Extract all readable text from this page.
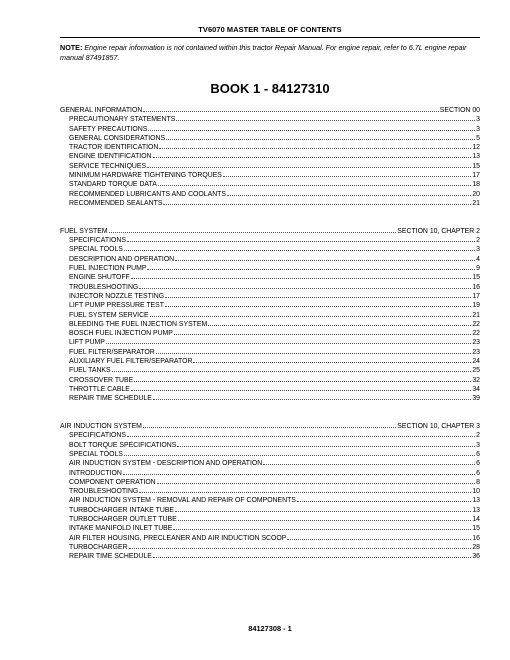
TV6070 MASTER TABLE OF CONTENTS
NOTE: Engine repair information is not contained within this tractor Repair Manual. For engine repair, refer to 6.7L engine repair manual 87491857.
BOOK 1 - 84127310
GENERAL INFORMATION	SECTION 00
PRECAUTIONARY STATEMENTS	3
SAFETY PRECAUTIONS	3
GENERAL CONSIDERATIONS	5
TRACTOR IDENTIFICATION	12
ENGINE IDENTIFICATION	13
SERVICE TECHNIQUES	15
MINIMUM HARDWARE TIGHTENING TORQUES	17
STANDARD TORQUE DATA	18
RECOMMENDED LUBRICANTS AND COOLANTS	20
RECOMMENDED SEALANTS	21
FUEL SYSTEM	SECTION 10, CHAPTER 2
SPECIFICATIONS	2
SPECIAL TOOLS	3
DESCRIPTION AND OPERATION	4
FUEL INJECTION PUMP	9
ENGINE SHUTOFF	15
TROUBLESHOOTING	16
INJECTOR NOZZLE TESTING	17
LIFT PUMP PRESSURE TEST	19
FUEL SYSTEM SERVICE	21
BLEEDING THE FUEL INJECTION SYSTEM	22
BOSCH FUEL INJECTION PUMP	22
LIFT PUMP	23
FUEL FILTER/SEPARATOR	23
AUXILIARY FUEL FILTER/SEPARATOR	24
FUEL TANKS	25
CROSSOVER TUBE	32
THROTTLE CABLE	34
REPAIR TIME SCHEDULE	39
AIR INDUCTION SYSTEM	SECTION 10, CHAPTER 3
SPECIFICATIONS	2
BOLT TORQUE SPECIFICATIONS	3
SPECIAL TOOLS	6
AIR INDUCTION SYSTEM - DESCRIPTION AND OPERATION	6
INTRODUCTION	6
COMPONENT OPERATION	8
TROUBLESHOOTING	10
AIR INDUCTION SYSTEM - REMOVAL AND REPAIR OF COMPONENTS	13
TURBOCHARGER INTAKE TUBE	13
TURBOCHARGER OUTLET TUBE	14
INTAKE MANIFOLD INLET TUBE	15
AIR FILTER HOUSING, PRECLEANER AND AIR INDUCTION SCOOP	16
TURBOCHARGER	28
REPAIR TIME SCHEDULE	36
84127308 - 1
